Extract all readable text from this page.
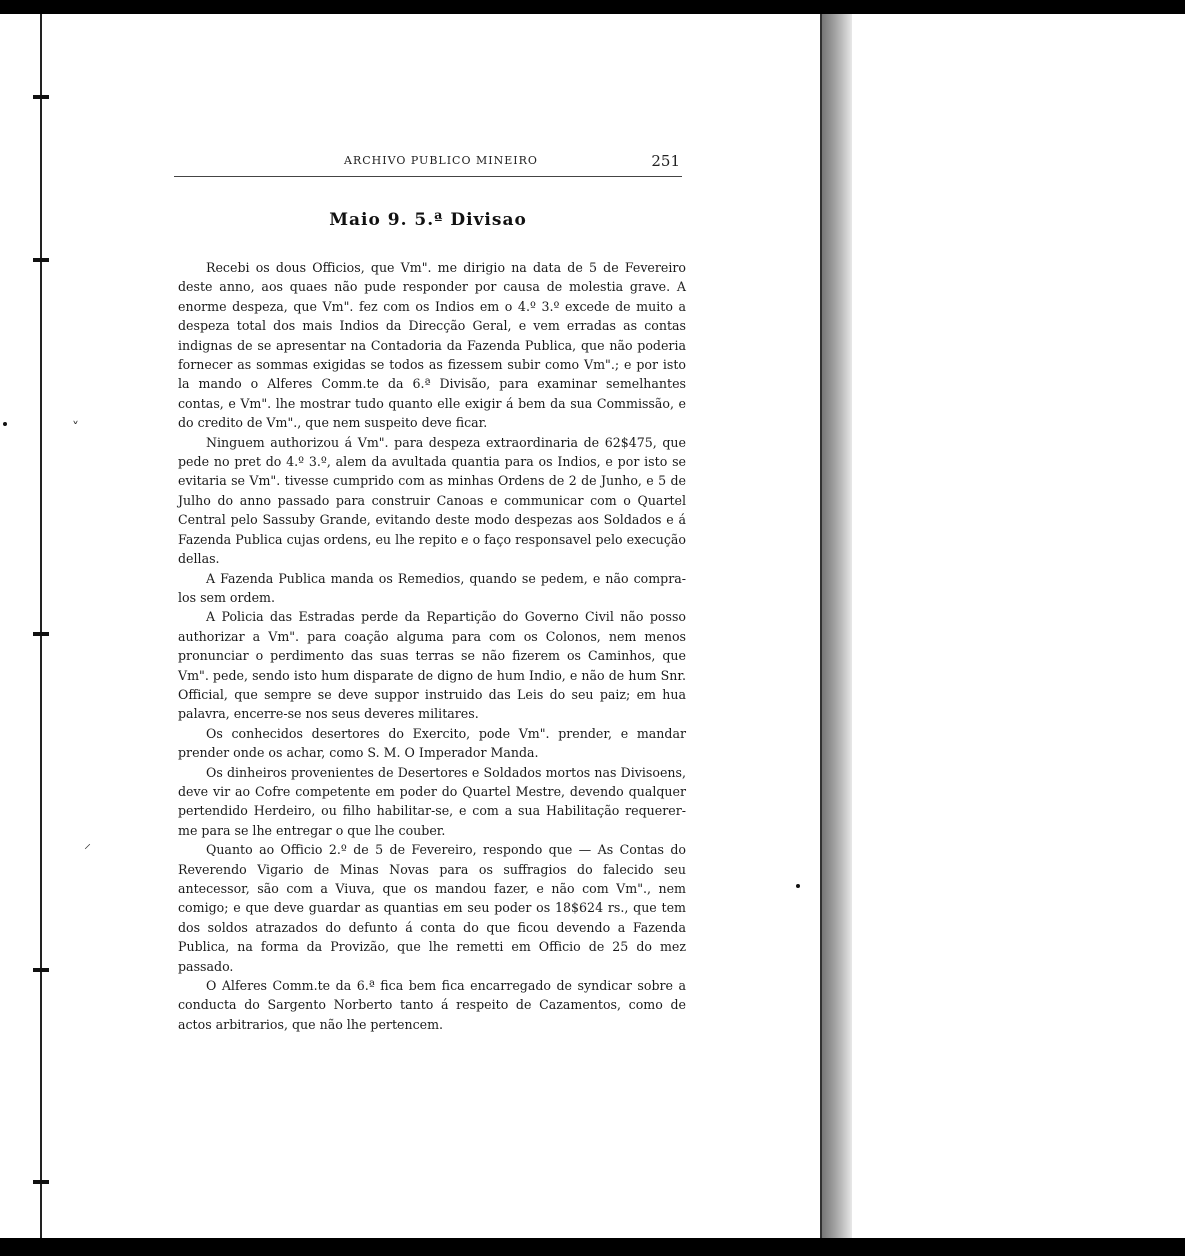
˅
⸝
ARCHIVO PUBLICO MINEIRO	251
Maio 9. 5.ª Divisao

Recebi os dous Officios, que Vm". me dirigio na data de 5 de Fevereiro deste anno, aos quaes não pude responder por causa de molestia grave. A enorme despeza, que Vm". fez com os Indios em o 4.º 3.º excede de muito a despeza total dos mais Indios da Direcção Geral, e vem erradas as contas indignas de se apresentar na Contadoria da Fazenda Publica, que não poderia fornecer as sommas exigidas se todos as fizessem subir como Vm".; e por isto la mando o Alferes Comm.te da 6.ª Divisão, para examinar semelhantes contas, e Vm". lhe mostrar tudo quanto elle exigir á bem da sua Commissão, e do credito de Vm"., que nem suspeito deve ficar.

Ninguem authorizou á Vm". para despeza extraordinaria de 62$475, que pede no pret do 4.º 3.º, alem da avultada quantia para os Indios, e por isto se evitaria se Vm". tivesse cumprido com as minhas Ordens de 2 de Junho, e 5 de Julho do anno passado para construir Canoas e communicar com o Quartel Central pelo Sassuby Grande, evitando deste modo despezas aos Soldados e á Fazenda Publica cujas ordens, eu lhe repito e o faço responsavel pelo execução dellas.

A Fazenda Publica manda os Remedios, quando se pedem, e não compra-los sem ordem.

A Policia das Estradas perde da Repartição do Governo Civil não posso authorizar a Vm". para coação alguma para com os Colonos, nem menos pronunciar o perdimento das suas terras se não fizerem os Caminhos, que Vm". pede, sendo isto hum disparate de digno de hum Indio, e não de hum Snr. Official, que sempre se deve suppor instruido das Leis do seu paiz; em hua palavra, encerre-se nos seus deveres militares.

Os conhecidos desertores do Exercito, pode Vm". prender, e mandar prender onde os achar, como S. M. O Imperador Manda.

Os dinheiros provenientes de Desertores e Soldados mortos nas Divisoens, deve vir ao Cofre competente em poder do Quartel Mestre, devendo qualquer pertendido Herdeiro, ou filho habilitar-se, e com a sua Habilitação requerer-me para se lhe entregar o que lhe couber.

Quanto ao Officio 2.º de 5 de Fevereiro, respondo que — As Contas do Reverendo Vigario de Minas Novas para os suffragios do falecido seu antecessor, são com a Viuva, que os mandou fazer, e não com Vm"., nem comigo; e que deve guardar as quantias em seu poder os 18$624 rs., que tem dos soldos atrazados do defunto á conta do que ficou devendo a Fazenda Publica, na forma da Provizão, que lhe remetti em Officio de 25 do mez passado.

O Alferes Comm.te da 6.ª fica bem fica encarregado de syndicar sobre a conducta do Sargento Norberto tanto á respeito de Cazamentos, como de actos arbitrarios, que não lhe pertencem.
